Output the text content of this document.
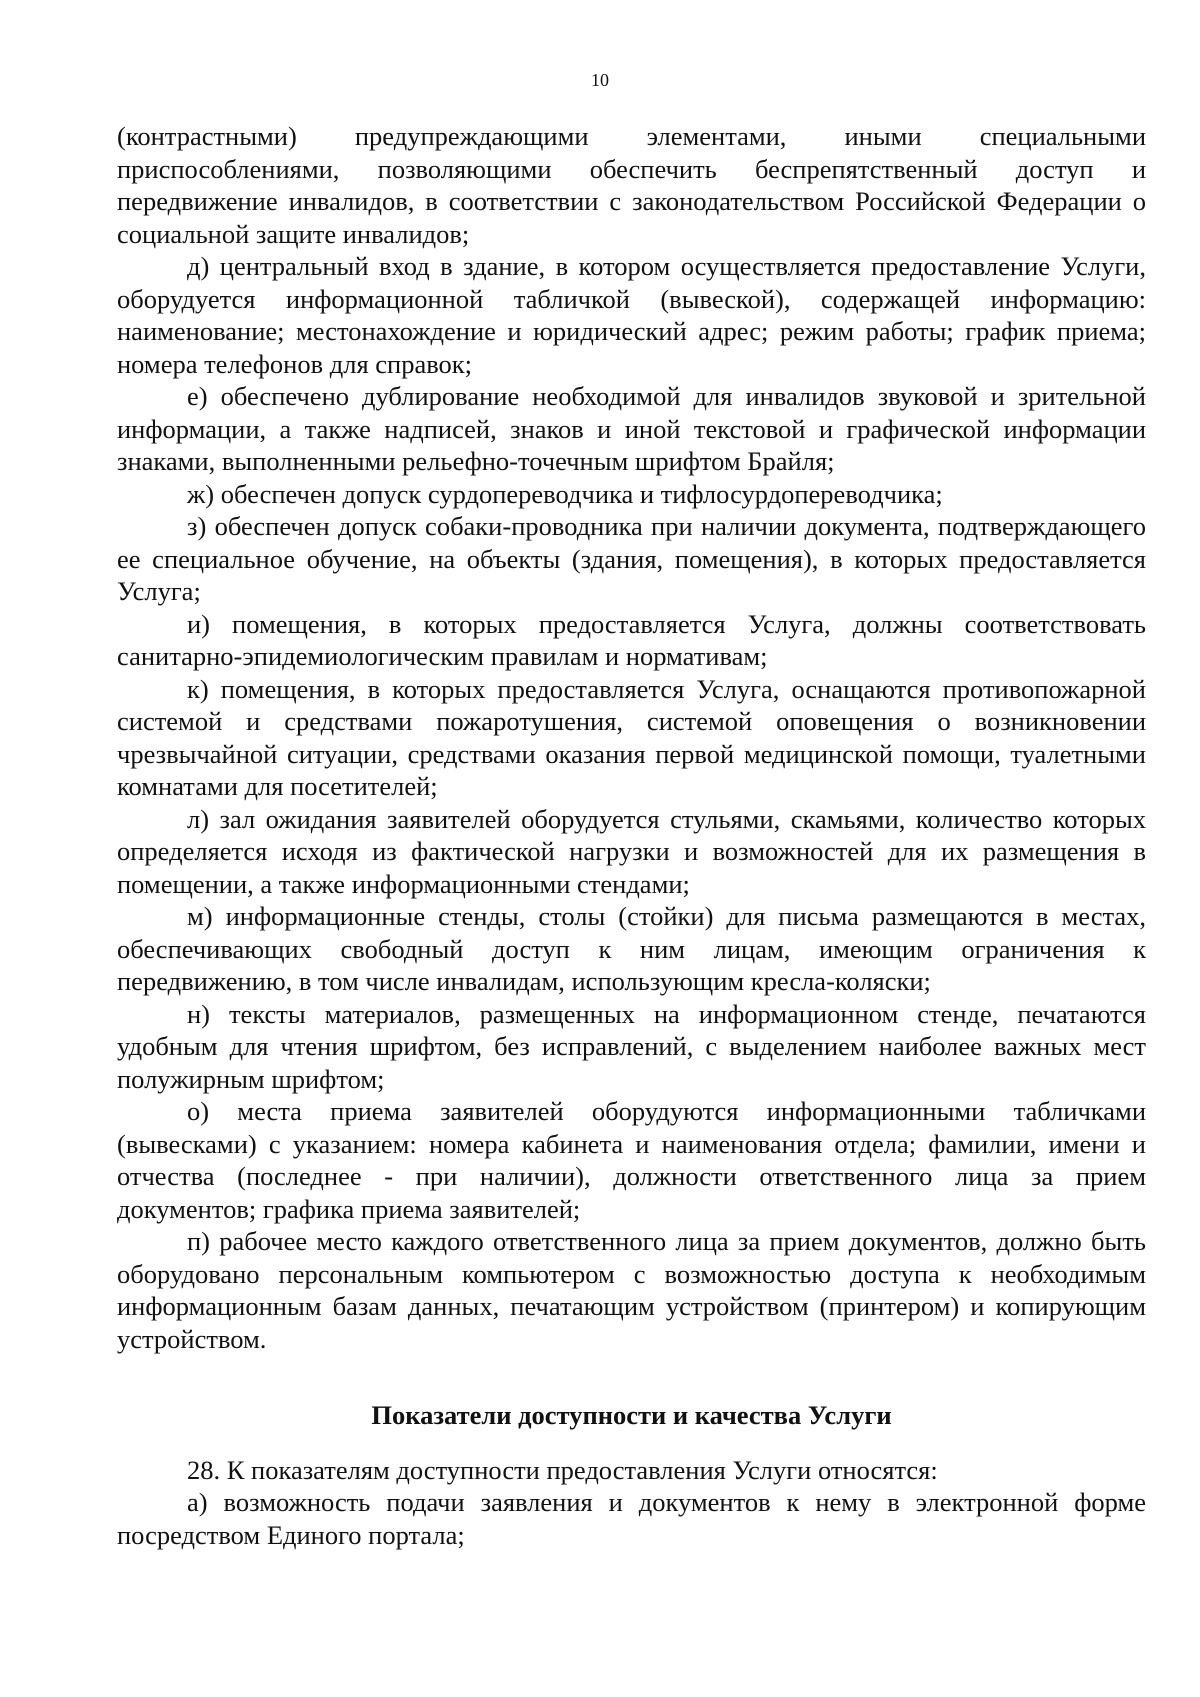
10

(контрастными) предупреждающими элементами, иными специальными приспособлениями, позволяющими обеспечить беспрепятственный доступ и передвижение инвалидов, в соответствии с законодательством Российской Федерации о социальной защите инвалидов;

д) центральный вход в здание, в котором осуществляется предоставление Услуги, оборудуется информационной табличкой (вывеской), содержащей информацию: наименование; местонахождение и юридический адрес; режим работы; график приема; номера телефонов для справок;

е) обеспечено дублирование необходимой для инвалидов звуковой и зрительной информации, а также надписей, знаков и иной текстовой и графической информации знаками, выполненными рельефно-точечным шрифтом Брайля;

ж) обеспечен допуск сурдопереводчика и тифлосурдопереводчика;

з) обеспечен допуск собаки-проводника при наличии документа, подтверждающего ее специальное обучение, на объекты (здания, помещения), в которых предоставляется Услуга;

и) помещения, в которых предоставляется Услуга, должны соответствовать санитарно-эпидемиологическим правилам и нормативам;

к) помещения, в которых предоставляется Услуга, оснащаются противопожарной системой и средствами пожаротушения, системой оповещения о возникновении чрезвычайной ситуации, средствами оказания первой медицинской помощи, туалетными комнатами для посетителей;

л) зал ожидания заявителей оборудуется стульями, скамьями, количество которых определяется исходя из фактической нагрузки и возможностей для их размещения в помещении, а также информационными стендами;

м) информационные стенды, столы (стойки) для письма размещаются в местах, обеспечивающих свободный доступ к ним лицам, имеющим ограничения к передвижению, в том числе инвалидам, использующим кресла-коляски;

н) тексты материалов, размещенных на информационном стенде, печатаются удобным для чтения шрифтом, без исправлений, с выделением наиболее важных мест полужирным шрифтом;

о) места приема заявителей оборудуются информационными табличками (вывесками) с указанием: номера кабинета и наименования отдела; фамилии, имени и отчества (последнее - при наличии), должности ответственного лица за прием документов; графика приема заявителей;

п) рабочее место каждого ответственного лица за прием документов, должно быть оборудовано персональным компьютером с возможностью доступа к необходимым информационным базам данных, печатающим устройством (принтером) и копирующим устройством.

Показатели доступности и качества Услуги

28. К показателям доступности предоставления Услуги относятся:

а) возможность подачи заявления и документов к нему в электронной форме посредством Единого портала;
